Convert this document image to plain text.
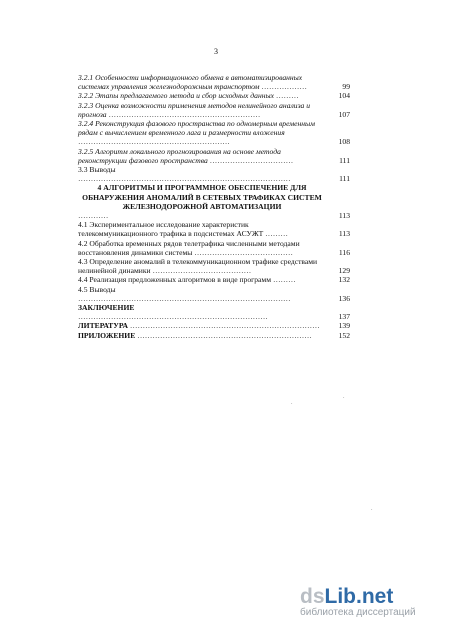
3
3.2.1 Особенности информационного обмена в автоматизированных системах управления железнодорожным транспортом ………………	99
3.2.2 Этапы предлагаемого метода и сбор исходных данных ………	104
3.2.3 Оценка возможности применения методов нелинейного анализа и прогноза ……………………………………………………	107
3.2.4 Реконструкция фазового пространства по одномерным временным рядам с вычислением временного лага и размерности вложения ……………………………………………………	108
3.2.5 Алгоритм локального прогнозирования на основе метода реконструкции фазового пространства ……………………………	111
3.3 Выводы …………………………………………………………………………	111
4 АЛГОРИТМЫ И ПРОГРАММНОЕ ОБЕСПЕЧЕНИЕ ДЛЯ ОБНАРУЖЕНИЯ АНОМАЛИЙ В СЕТЕВЫХ ТРАФИКАХ СИСТЕМ ЖЕЛЕЗНОДОРОЖНОЙ АВТОМАТИЗАЦИИ
…………	113
4.1 Экспериментальное исследование характеристик телекоммуникационного трафика в подсистемах АСУЖТ ………	113
4.2 Обработка временных рядов телетрафика численными методами восстановления динамики системы …………………………………	116
4.3 Определение аномалий в телекоммуникационном трафике средствами нелинейной динамики …………………………………	129
4.4 Реализация предложенных алгоритмов в виде программ ………	132
4.5 Выводы …………………………………………………………………………	136
ЗАКЛЮЧЕНИЕ …………………………………………………………………	137
ЛИТЕРАТУРА …………………………………………………………………	139
ПРИЛОЖЕНИЕ ……………………………………………………………	152
.
.
.
dsLib.net
библиотека диссертаций
